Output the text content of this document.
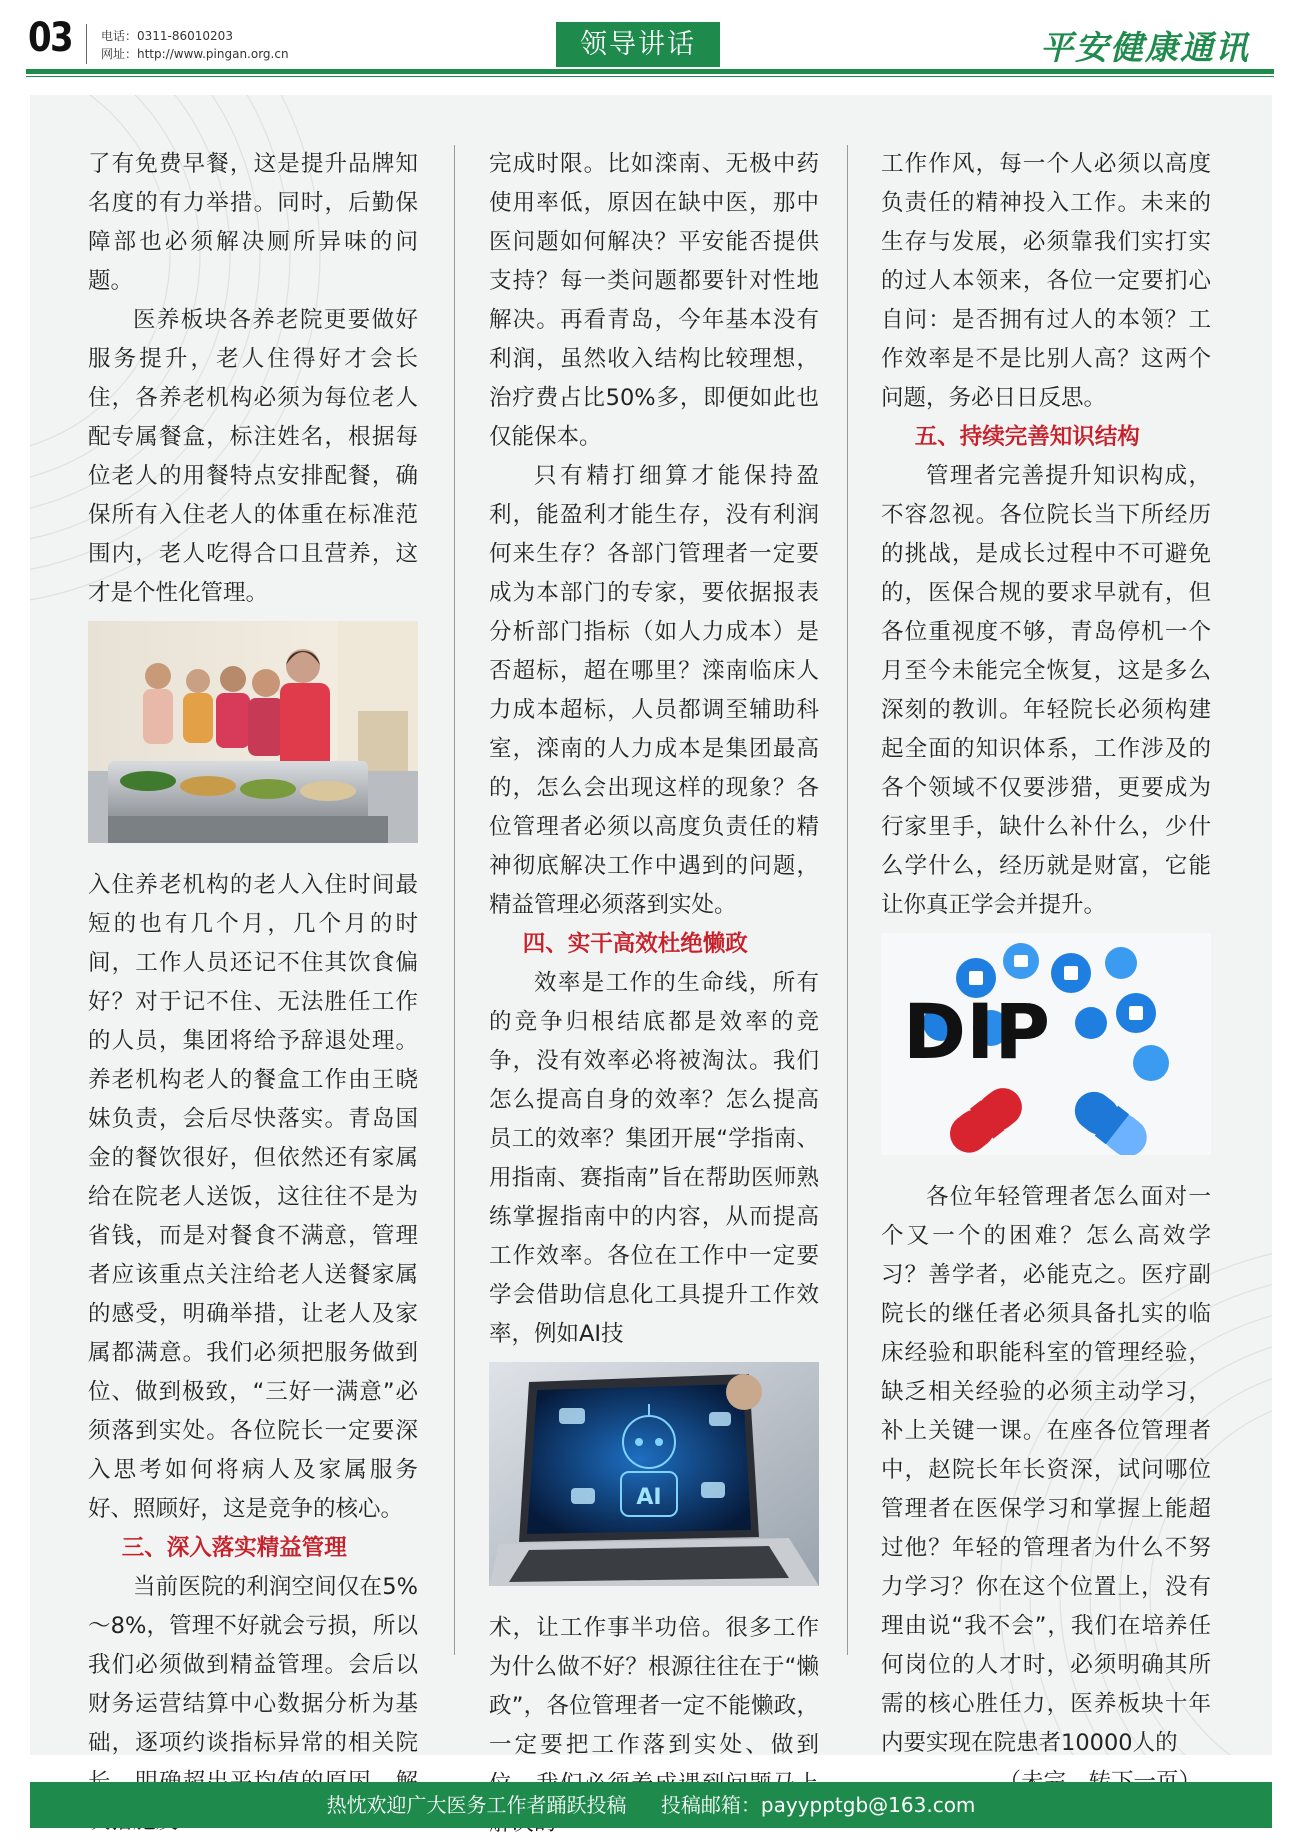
03 电话：0311-86010203
网址：http://www.pingan.org.cn	领导讲话	平安健康通讯

了有免费早餐，这是提升品牌知名度的有力举措。同时，后勤保障部也必须解决厕所异味的问题。

医养板块各养老院更要做好服务提升，老人住得好才会长住，各养老机构必须为每位老人配专属餐盒，标注姓名，根据每位老人的用餐特点安排配餐，确保所有入住老人的体重在标准范围内，老人吃得合口且营养，这才是个性化管理。

入住养老机构的老人入住时间最短的也有几个月，几个月的时间，工作人员还记不住其饮食偏好？对于记不住、无法胜任工作的人员，集团将给予辞退处理。养老机构老人的餐盒工作由王晓妹负责，会后尽快落实。青岛国金的餐饮很好，但依然还有家属给在院老人送饭，这往往不是为省钱，而是对餐食不满意，管理者应该重点关注给老人送餐家属的感受，明确举措，让老人及家属都满意。我们必须把服务做到位、做到极致，“三好一满意”必须落到实处。各位院长一定要深入思考如何将病人及家属服务好、照顾好，这是竞争的核心。

三、深入落实精益管理

当前医院的利润空间仅在5%～8%，管理不好就会亏损，所以我们必须做到精益管理。会后以财务运营结算中心数据分析为基础，逐项约谈指标异常的相关院

完成时限。比如滦南、无极中药使用率低，原因在缺中医，那中医问题如何解决？平安能否提供支持？每一类问题都要针对性地解决。再看青岛，今年基本没有利润，虽然收入结构比较理想，治疗费占比50%多，即便如此也仅能保本。

只有精打细算才能保持盈利，能盈利才能生存，没有利润何来生存？各部门管理者一定要成为本部门的专家，要依据报表分析部门指标（如人力成本）是否超标，超在哪里？滦南临床人力成本超标，人员都调至辅助科室，滦南的人力成本是集团最高的，怎么会出现这样的现象？各位管理者必须以高度负责任的精神彻底解决工作中遇到的问题，精益管理必须落到实处。

四、实干高效杜绝懒政

效率是工作的生命线，所有的竞争归根结底都是效率的竞争，没有效率必将被淘汰。我们怎么提高自身的效率？怎么提高员工的效率？集团开展“学指南、用指南、赛指南”旨在帮助医师熟练掌握指南中的内容，从而提高工作效率。各位在工作中一定要学会借助信息化工具提升工作效率，例如AI技

AI

术，让工作事半功倍。很多工作为什么做不好？根源往往在于“懒政”，各位管理者一定不能懒政，一定要把工作落到实处、做到

工作作风，每一个人必须以高度负责任的精神投入工作。未来的生存与发展，必须靠我们实打实的过人本领来，各位一定要扪心自问：是否拥有过人的本领？工作效率是不是比别人高？这两个问题，务必日日反思。

五、持续完善知识结构

管理者完善提升知识构成，不容忽视。各位院长当下所经历的挑战，是成长过程中不可避免的，医保合规的要求早就有，但各位重视度不够，青岛停机一个月至今未能完全恢复，这是多么深刻的教训。年轻院长必须构建起全面的知识体系，工作涉及的各个领域不仅要涉猎，更要成为行家里手，缺什么补什么，少什么学什么，经历就是财富，它能让你真正学会并提升。

DIP

各位年轻管理者怎么面对一个又一个的困难？怎么高效学习？善学者，必能克之。医疗副院长的继任者必须具备扎实的临床经验和职能科室的管理经验，缺乏相关经验的必须主动学习，补上关键一课。在座各位管理者中，赵院长年长资深，试问哪位管理者在医保学习和掌握上能超过他？年轻的管理者为什么不努力学习？你在这个位置上，没有理由说“我不会”，我们在培养任何岗位的人才时，必须明确其所需的核心胜任力，医养板块十年内要实现在院患者10000人的

热忱欢迎广大医务工作者踊跃投稿 投稿邮箱：payypptgb@163.com
